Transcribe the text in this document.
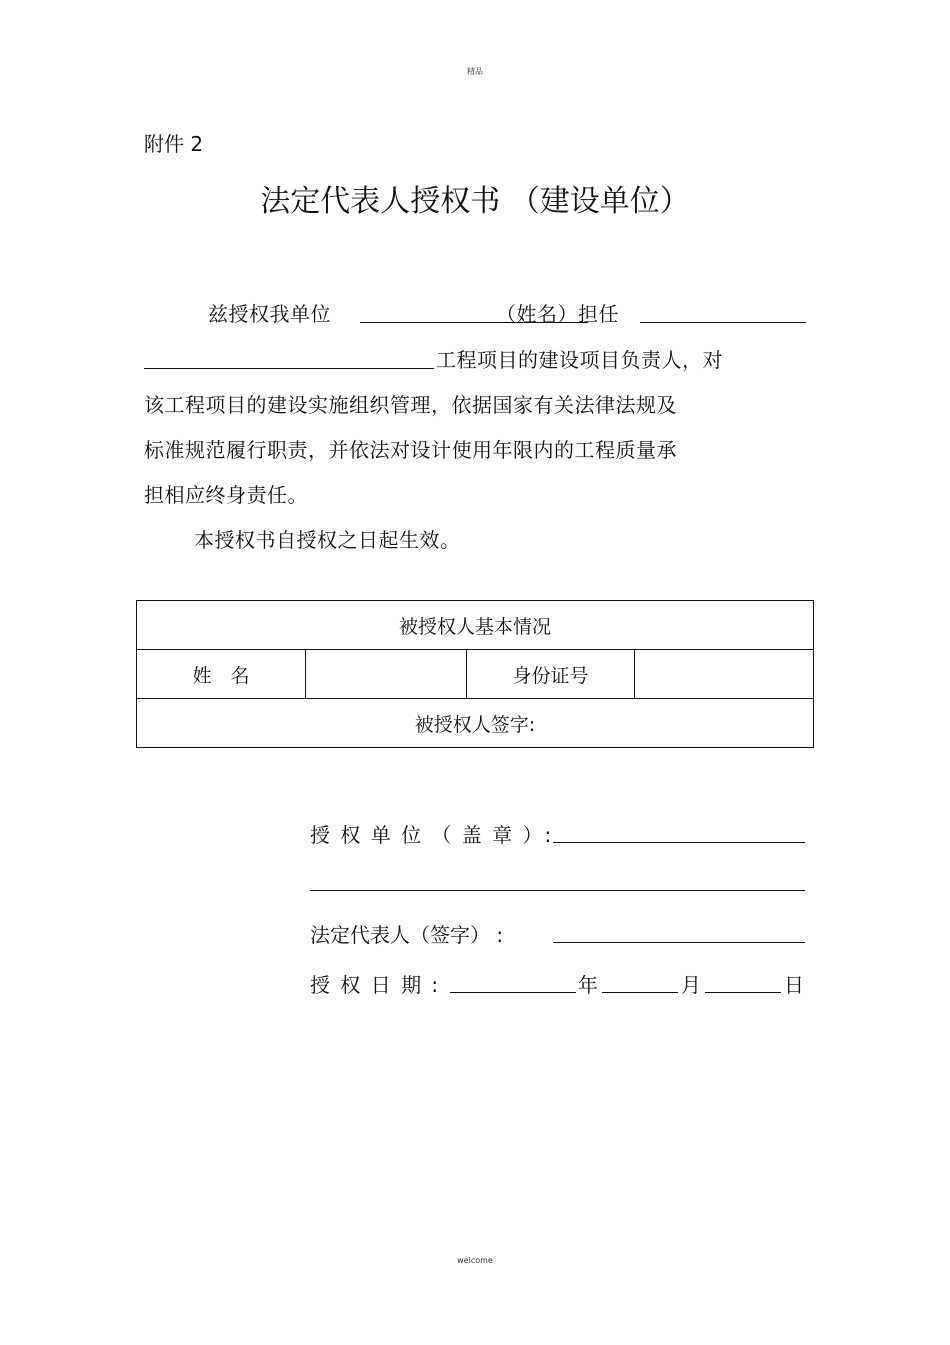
精品
附件 2
法定代表人授权书 （建设单位）
兹授权我单位	（姓名）担任
工程项目的建设项目负责人，对
该工程项目的建设实施组织管理，依据国家有关法律法规及
标准规范履行职责，并依法对设计使用年限内的工程质量承
担相应终身责任。
本授权书自授权之日起生效。
被授权人基本情况
姓　名		身份证号	
被授权人签字:
授 权 单 位 （ 盖 章 ）:
法定代表人（签字） :
授 权 日 期 :	年	月	日
welcome
